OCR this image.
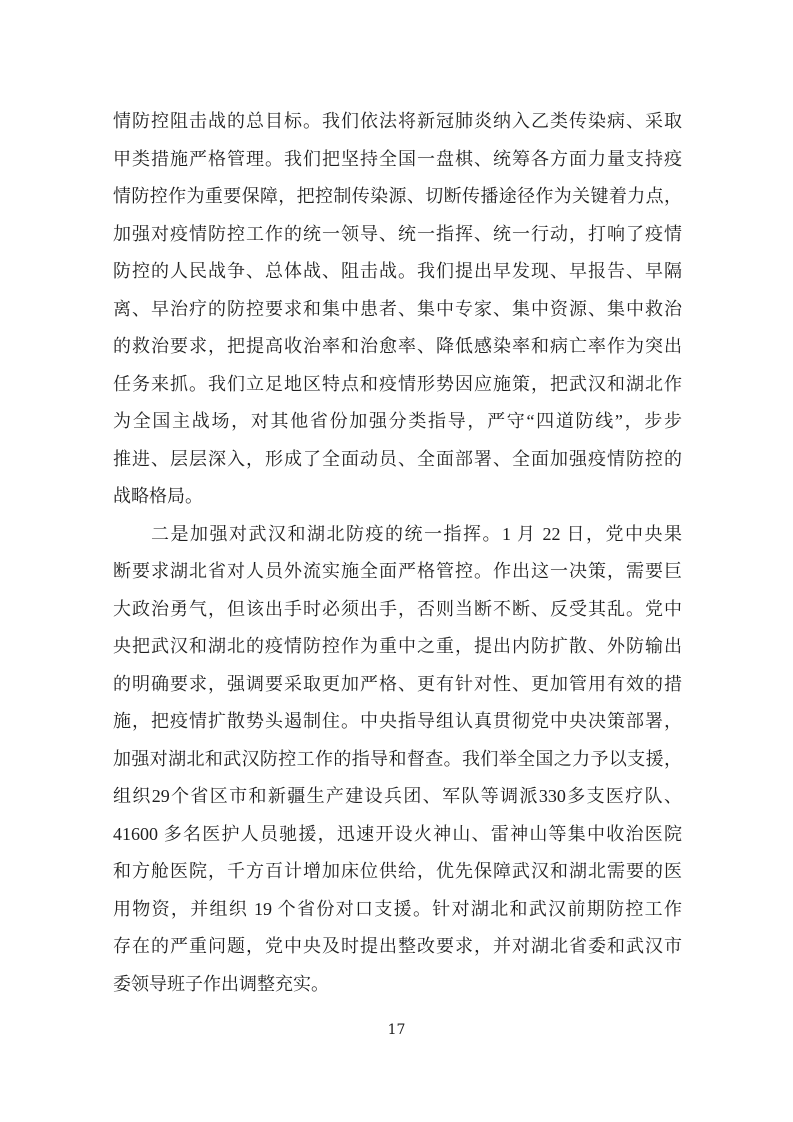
情防控阻击战的总目标。我们依法将新冠肺炎纳入乙类传染病、采取
甲类措施严格管理。我们把坚持全国一盘棋、统筹各方面力量支持疫
情防控作为重要保障，把控制传染源、切断传播途径作为关键着力点，
加强对疫情防控工作的统一领导、统一指挥、统一行动，打响了疫情
防控的人民战争、总体战、阻击战。我们提出早发现、早报告、早隔
离、早治疗的防控要求和集中患者、集中专家、集中资源、集中救治
的救治要求，把提高收治率和治愈率、降低感染率和病亡率作为突出
任务来抓。我们立足地区特点和疫情形势因应施策，把武汉和湖北作
为全国主战场，对其他省份加强分类指导，严守“四道防线”，步步
推进、层层深入，形成了全面动员、全面部署、全面加强疫情防控的
战略格局。
二是加强对武汉和湖北防疫的统一指挥。1 月 22 日，党中央果
断要求湖北省对人员外流实施全面严格管控。作出这一决策，需要巨
大政治勇气，但该出手时必须出手，否则当断不断、反受其乱。党中
央把武汉和湖北的疫情防控作为重中之重，提出内防扩散、外防输出
的明确要求，强调要采取更加严格、更有针对性、更加管用有效的措
施，把疫情扩散势头遏制住。中央指导组认真贯彻党中央决策部署，
加强对湖北和武汉防控工作的指导和督查。我们举全国之力予以支援，
组织29个省区市和新疆生产建设兵团、军队等调派330多支医疗队、
41600 多名医护人员驰援，迅速开设火神山、雷神山等集中收治医院
和方舱医院，千方百计增加床位供给，优先保障武汉和湖北需要的医
用物资，并组织 19 个省份对口支援。针对湖北和武汉前期防控工作
存在的严重问题，党中央及时提出整改要求，并对湖北省委和武汉市
委领导班子作出调整充实。
17
